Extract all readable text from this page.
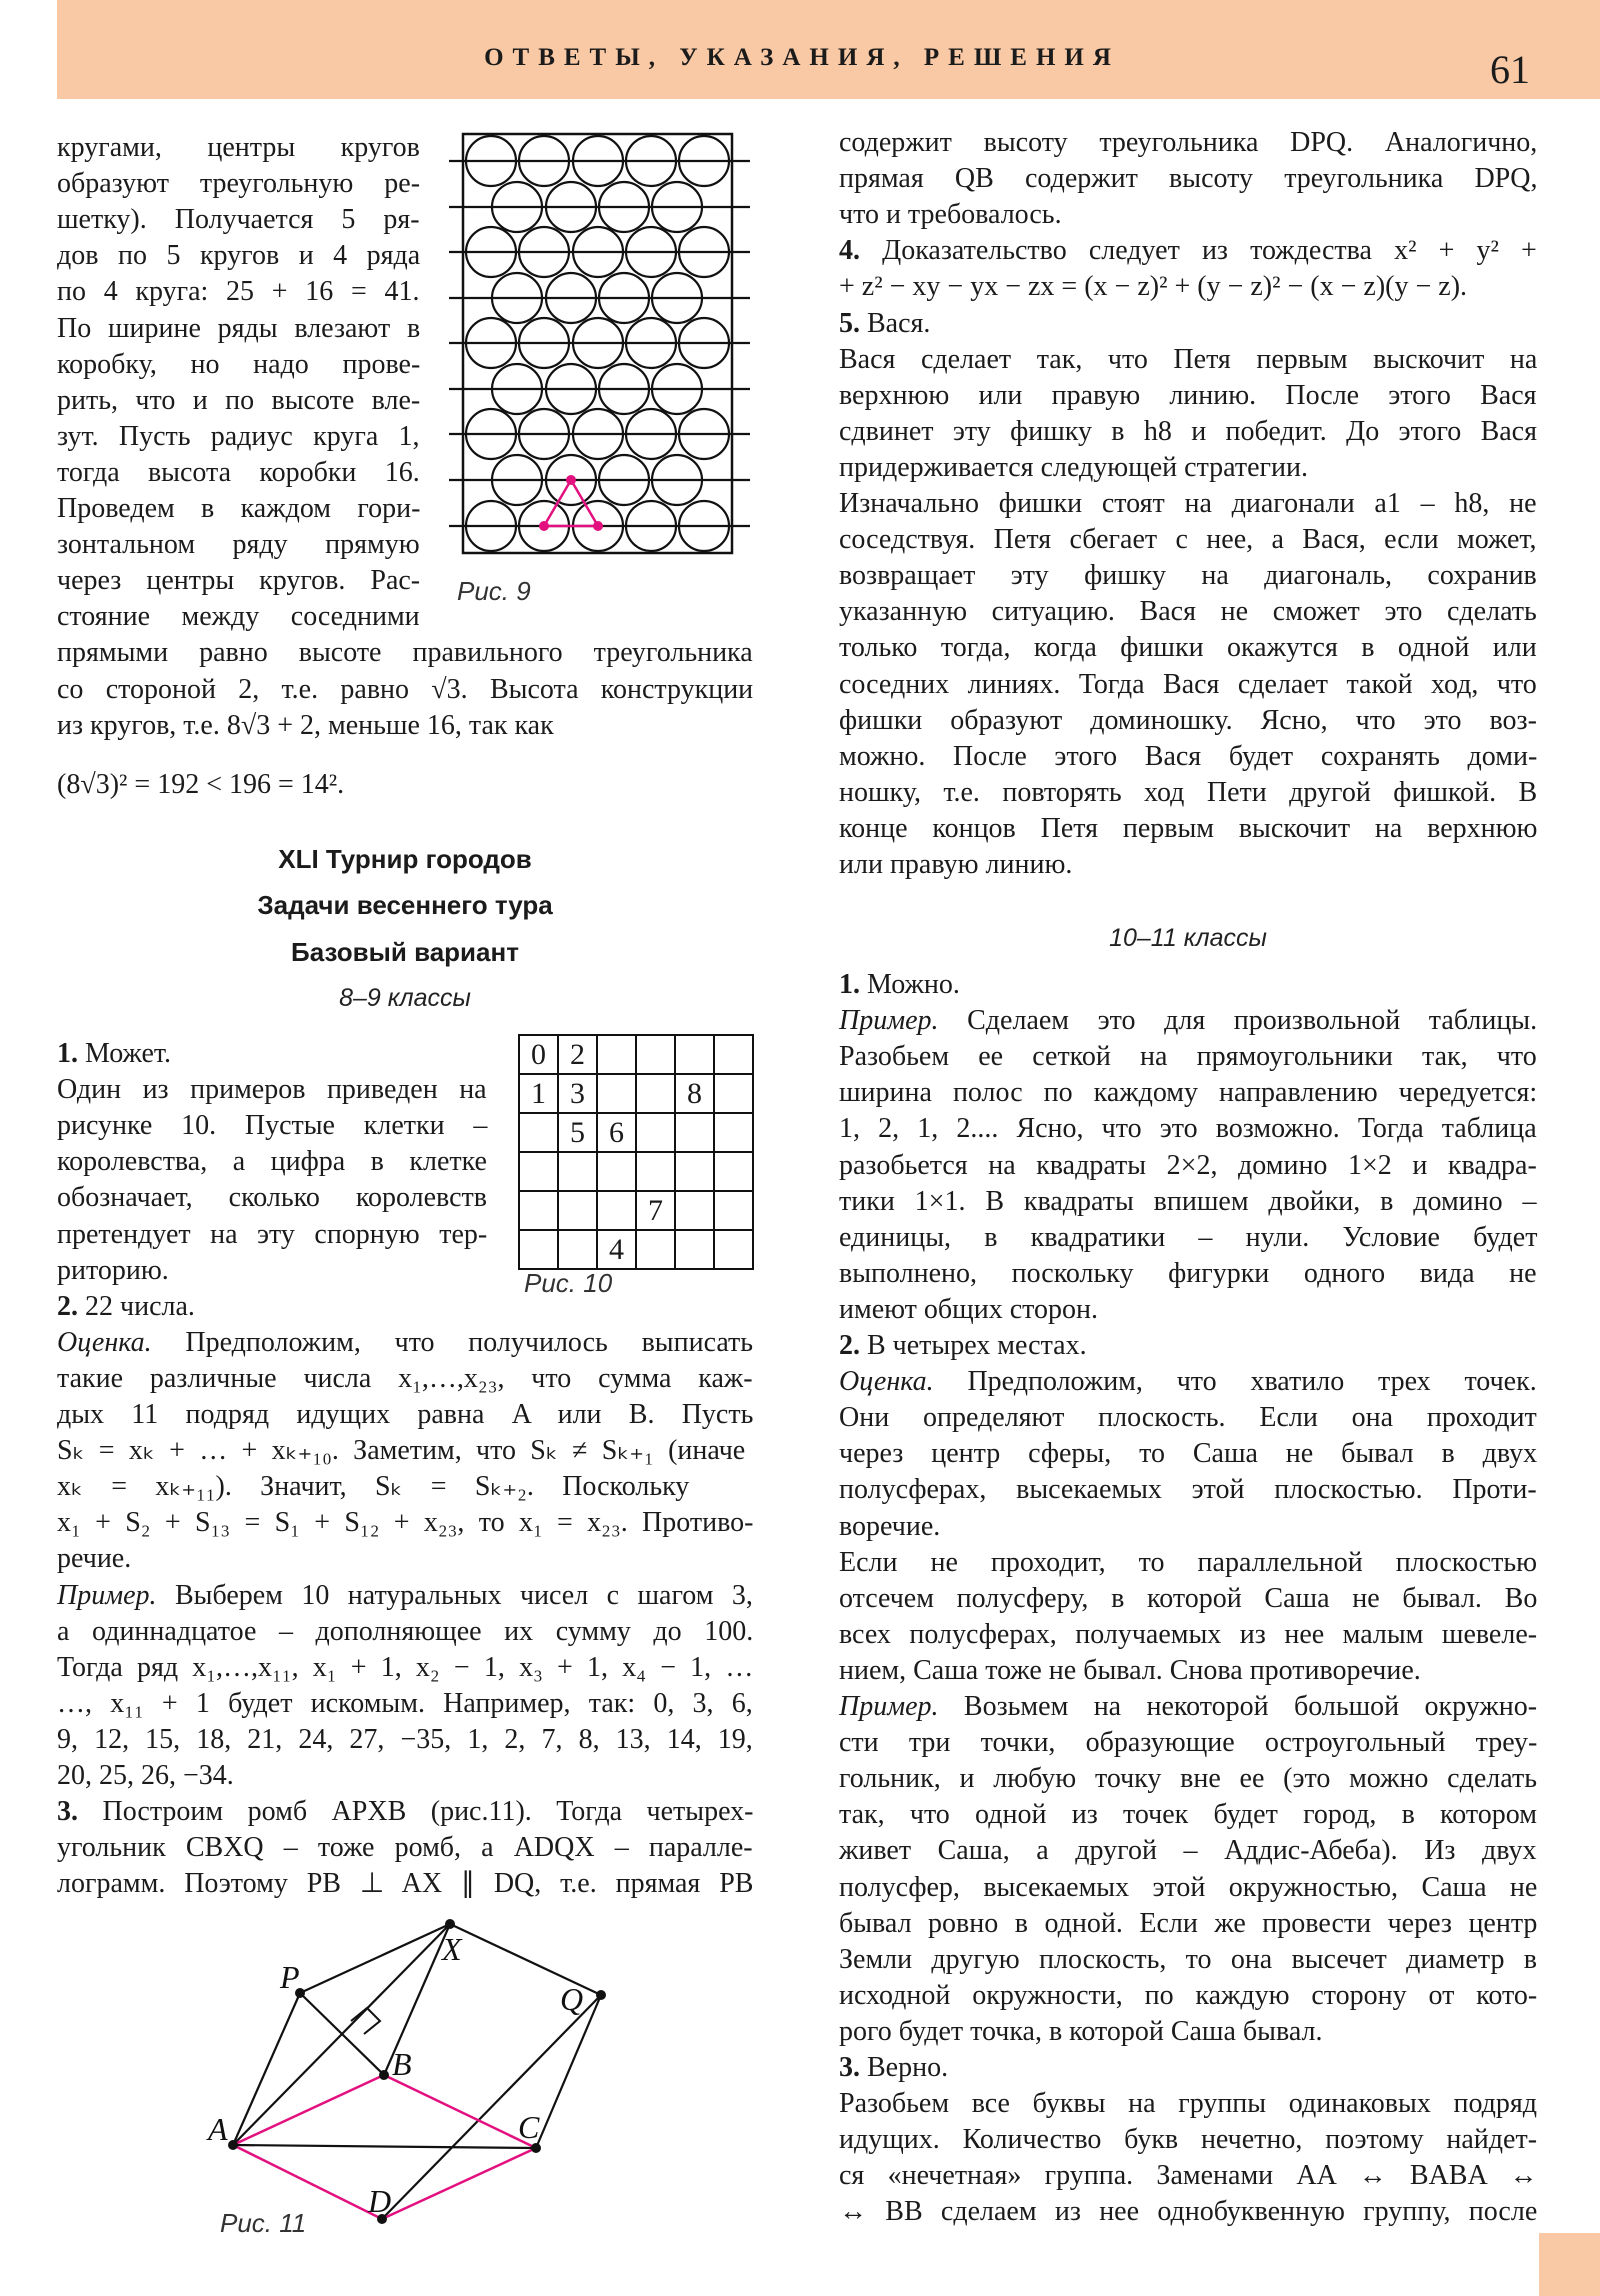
ОТВЕТЫ, УКАЗАНИЯ, РЕШЕНИЯ	61
(8√3)² = 192 < 196 = 14².
XLI Турнир городов
Задачи весеннего тура
Базовый вариант
8–9 классы
10–11 классы
Рис. 9
0	2				
1	3			8	
	5	6			

			7		
		4			
Рис. 10
X
P
Q
B
A	C
D
Рис. 11
кругами, центры кругов
образуют треугольную ре-
шетку). Получается 5 ря-
дов по 5 кругов и 4 ряда
по 4 круга: 25 + 16 = 41.
По ширине ряды влезают в
коробку, но надо прове-
рить, что и по высоте вле-
зут. Пусть радиус круга 1,
тогда высота коробки 16.
Проведем в каждом гори-
зонтальном ряду прямую
через центры кругов. Рас-
стояние между соседними
прямыми равно высоте правильного треугольника
со стороной 2, т.е. равно √3. Высота конструкции
из кругов, т.е. 8√3 + 2, меньше 16, так как
1. Может.
Один из примеров приведен на
рисунке 10. Пустые клетки –
королевства, а цифра в клетке
обозначает, сколько королевств
претендует на эту спорную тер-
риторию.
2. 22 числа.
Оценка. Предположим, что получилось выписать
такие различные числа x₁,…,x₂₃, что сумма каж-
дых 11 подряд идущих равна A или B. Пусть
Sₖ = xₖ + … + xₖ₊₁₀. Заметим, что Sₖ ≠ Sₖ₊₁ (иначе
xₖ = xₖ₊₁₁). Значит, Sₖ = Sₖ₊₂. Поскольку
x₁ + S₂ + S₁₃ = S₁ + S₁₂ + x₂₃, то x₁ = x₂₃. Противо-
речие.
Пример. Выберем 10 натуральных чисел с шагом 3,
а одиннадцатое – дополняющее их сумму до 100.
Тогда ряд x₁,…,x₁₁, x₁ + 1, x₂ − 1, x₃ + 1, x₄ − 1, …
…, x₁₁ + 1 будет искомым. Например, так: 0, 3, 6,
9, 12, 15, 18, 21, 24, 27, −35, 1, 2, 7, 8, 13, 14, 19,
20, 25, 26, −34.
3. Построим ромб APXB (рис.11). Тогда четырех-
угольник CBXQ – тоже ромб, а ADQX – паралле-
лограмм. Поэтому PB ⊥ AX ∥ DQ, т.е. прямая PB
содержит высоту треугольника DPQ. Аналогично,
прямая QB содержит высоту треугольника DPQ,
что и требовалось.
4. Доказательство следует из тождества x² + y² +
+ z² − xy − yx − zx = (x − z)² + (y − z)² − (x − z)(y − z).
5. Вася.
Вася сделает так, что Петя первым выскочит на
верхнюю или правую линию. После этого Вася
сдвинет эту фишку в h8 и победит. До этого Вася
придерживается следующей стратегии.
Изначально фишки стоят на диагонали a1 – h8, не
соседствуя. Петя сбегает с нее, а Вася, если может,
возвращает эту фишку на диагональ, сохранив
указанную ситуацию. Вася не сможет это сделать
только тогда, когда фишки окажутся в одной или
соседних линиях. Тогда Вася сделает такой ход, что
фишки образуют доминошку. Ясно, что это воз-
можно. После этого Вася будет сохранять доми-
ношку, т.е. повторять ход Пети другой фишкой. В
конце концов Петя первым выскочит на верхнюю
или правую линию.
1. Можно.
Пример. Сделаем это для произвольной таблицы.
Разобьем ее сеткой на прямоугольники так, что
ширина полос по каждому направлению чередуется:
1, 2, 1, 2.... Ясно, что это возможно. Тогда таблица
разобьется на квадраты 2×2, домино 1×2 и квадра-
тики 1×1. В квадраты впишем двойки, в домино –
единицы, в квадратики – нули. Условие будет
выполнено, поскольку фигурки одного вида не
имеют общих сторон.
2. В четырех местах.
Оценка. Предположим, что хватило трех точек.
Они определяют плоскость. Если она проходит
через центр сферы, то Саша не бывал в двух
полусферах, высекаемых этой плоскостью. Проти-
воречие.
Если не проходит, то параллельной плоскостью
отсечем полусферу, в которой Саша не бывал. Во
всех полусферах, получаемых из нее малым шевеле-
нием, Саша тоже не бывал. Снова противоречие.
Пример. Возьмем на некоторой большой окружно-
сти три точки, образующие остроугольный треу-
гольник, и любую точку вне ее (это можно сделать
так, что одной из точек будет город, в котором
живет Саша, а другой – Аддис-Абеба). Из двух
полусфер, высекаемых этой окружностью, Саша не
бывал ровно в одной. Если же провести через центр
Земли другую плоскость, то она высечет диаметр в
исходной окружности, по каждую сторону от кото-
рого будет точка, в которой Саша бывал.
3. Верно.
Разобьем все буквы на группы одинаковых подряд
идущих. Количество букв нечетно, поэтому найдет-
ся «нечетная» группа. Заменами AA ↔ BABA ↔
↔ BB сделаем из нее однобуквенную группу, после
